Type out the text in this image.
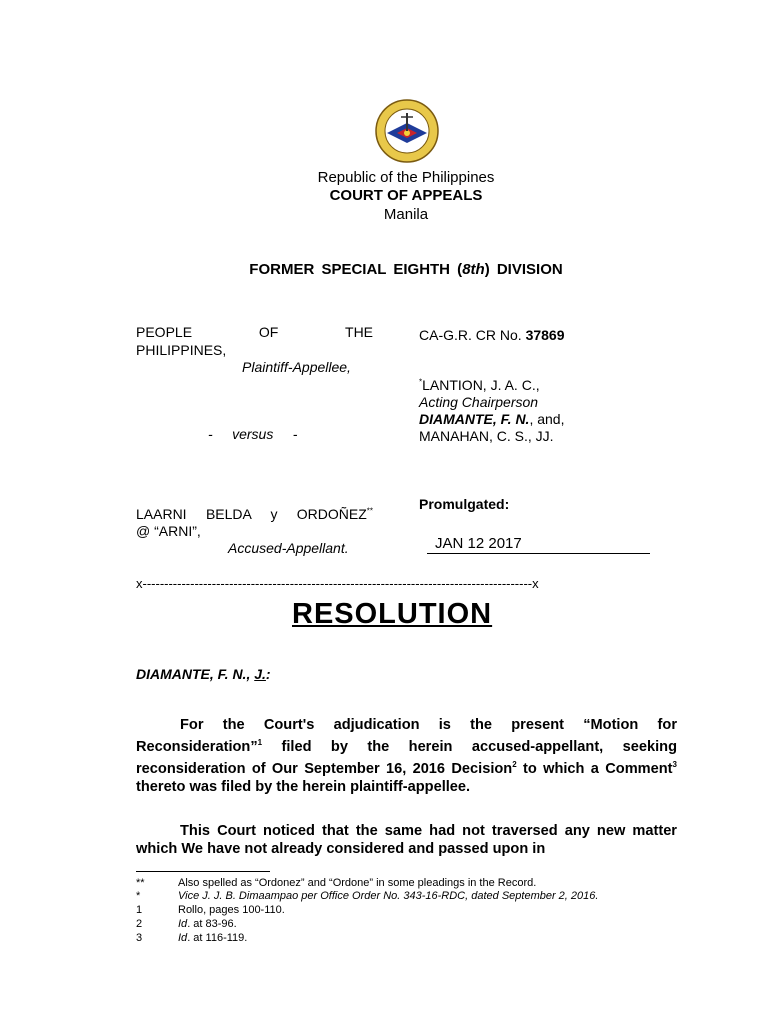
Republic of the Philippines
COURT OF APPEALS
Manila
FORMER SPECIAL EIGHTH (8th) DIVISION
PEOPLE	OF	THE
PHILIPPINES,
Plaintiff-Appellee,
-     versus     -
LAARNI BELDA y ORDOÑEZ**
@ “ARNI”,
Accused-Appellant.
CA-G.R. CR No. 37869
*LANTION, J. A. C.,
Acting Chairperson
DIAMANTE, F. N., and,
MANAHAN, C. S., JJ.
Promulgated:
JAN 12 2017
x------------------------------------------------------------------------------------------x
RESOLUTION
DIAMANTE, F. N., J.:
For the Court's adjudication is the present “Motion for Reconsideration”$^1$ filed by the herein accused-appellant, seeking reconsideration of Our September 16, 2016 Decision$^2$ to which a Comment$^3$ thereto was filed by the herein plaintiff-appellee.
This Court noticed that the same had not traversed any new matter which We have not already considered and passed upon in
**	Also spelled as “Ordonez” and “Ordone” in some pleadings in the Record.
*	Vice J. J. B. Dimaampao per Office Order No. 343-16-RDC, dated September 2, 2016.
1	Rollo, pages 100-110.
2	Id. at 83-96.
3	Id. at 116-119.
